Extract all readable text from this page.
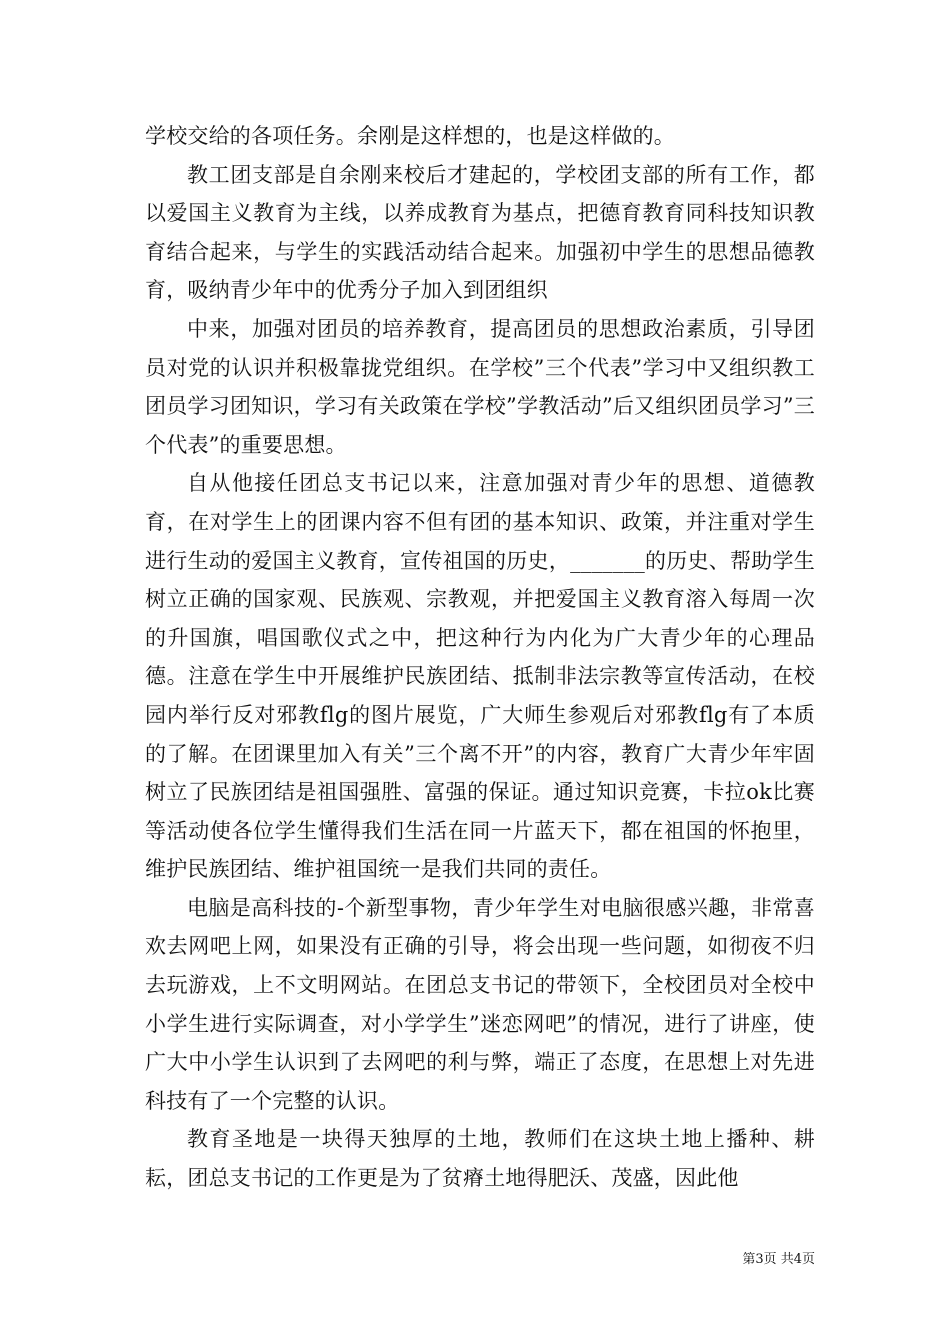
学校交给的各项任务。余刚是这样想的，也是这样做的。

教工团支部是自余刚来校后才建起的，学校团支部的所有工作，都以爱国主义教育为主线，以养成教育为基点，把德育教育同科技知识教育结合起来，与学生的实践活动结合起来。加强初中学生的思想品德教育，吸纳青少年中的优秀分子加入到团组织

中来，加强对团员的培养教育，提高团员的思想政治素质，引导团员对党的认识并积极靠拢党组织。在学校”三个代表”学习中又组织教工团员学习团知识，学习有关政策在学校”学教活动”后又组织团员学习”三个代表”的重要思想。

自从他接任团总支书记以来，注意加强对青少年的思想、道德教育，在对学生上的团课内容不但有团的基本知识、政策，并注重对学生进行生动的爱国主义教育，宣传祖国的历史，_______的历史、帮助学生树立正确的国家观、民族观、宗教观，并把爱国主义教育溶入每周一次的升国旗，唱国歌仪式之中，把这种行为内化为广大青少年的心理品德。注意在学生中开展维护民族团结、抵制非法宗教等宣传活动，在校园内举行反对邪教flg的图片展览，广大师生参观后对邪教flg有了本质的了解。在团课里加入有关”三个离不开”的内容，教育广大青少年牢固树立了民族团结是祖国强胜、富强的保证。通过知识竞赛，卡拉ok比赛等活动使各位学生懂得我们生活在同一片蓝天下，都在祖国的怀抱里，维护民族团结、维护祖国统一是我们共同的责任。

电脑是高科技的-个新型事物，青少年学生对电脑很感兴趣，非常喜欢去网吧上网，如果没有正确的引导，将会出现一些问题，如彻夜不归去玩游戏，上不文明网站。在团总支书记的带领下，全校团员对全校中小学生进行实际调查，对小学学生”迷恋网吧”的情况，进行了讲座，使广大中小学生认识到了去网吧的利与弊，端正了态度，在思想上对先进科技有了一个完整的认识。

教育圣地是一块得天独厚的土地，教师们在这块土地上播种、耕耘，团总支书记的工作更是为了贫瘠土地得肥沃、茂盛，因此他

第3页 共4页
